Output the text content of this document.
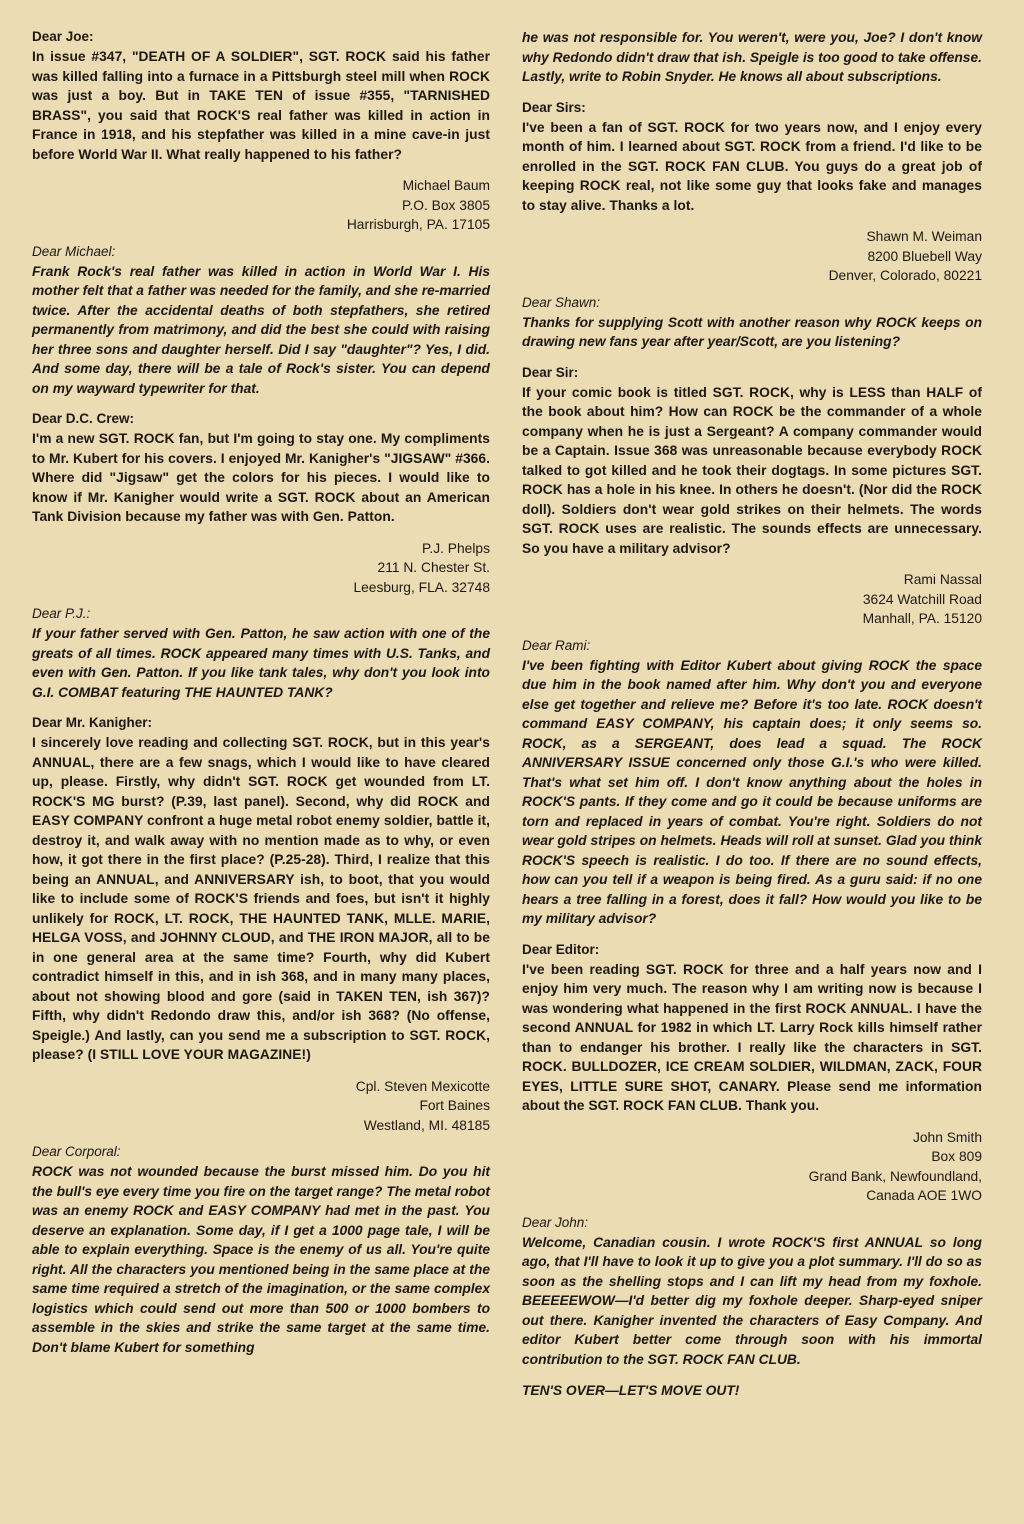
Dear Joe:

In issue #347, "DEATH OF A SOLDIER", SGT. ROCK said his father was killed falling into a furnace in a Pittsburgh steel mill when ROCK was just a boy. But in TAKE TEN of issue #355, "TARNISHED BRASS", you said that ROCK'S real father was killed in action in France in 1918, and his stepfather was killed in a mine cave-in just before World War II. What really happened to his father?

Michael Baum
P.O. Box 3805
Harrisburgh, PA. 17105
Dear Michael:

Frank Rock's real father was killed in action in World War I. His mother felt that a father was needed for the family, and she re-married twice. After the accidental deaths of both stepfathers, she retired permanently from matrimony, and did the best she could with raising her three sons and daughter herself. Did I say "daughter"? Yes, I did. And some day, there will be a tale of Rock's sister. You can depend on my wayward typewriter for that.

Dear D.C. Crew:

I'm a new SGT. ROCK fan, but I'm going to stay one. My compliments to Mr. Kubert for his covers. I enjoyed Mr. Kanigher's "JIGSAW" #366. Where did "Jigsaw" get the colors for his pieces. I would like to know if Mr. Kanigher would write a SGT. ROCK about an American Tank Division because my father was with Gen. Patton.

P.J. Phelps
211 N. Chester St.
Leesburg, FLA. 32748
Dear P.J.:

If your father served with Gen. Patton, he saw action with one of the greats of all times. ROCK appeared many times with U.S. Tanks, and even with Gen. Patton. If you like tank tales, why don't you look into G.I. COMBAT featuring THE HAUNTED TANK?

Dear Mr. Kanigher:

I sincerely love reading and collecting SGT. ROCK, but in this year's ANNUAL, there are a few snags, which I would like to have cleared up, please. Firstly, why didn't SGT. ROCK get wounded from LT. ROCK'S MG burst? (P.39, last panel). Second, why did ROCK and EASY COMPANY confront a huge metal robot enemy soldier, battle it, destroy it, and walk away with no mention made as to why, or even how, it got there in the first place? (P.25-28). Third, I realize that this being an ANNUAL, and ANNIVERSARY ish, to boot, that you would like to include some of ROCK'S friends and foes, but isn't it highly unlikely for ROCK, LT. ROCK, THE HAUNTED TANK, MLLE. MARIE, HELGA VOSS, and JOHNNY CLOUD, and THE IRON MAJOR, all to be in one general area at the same time? Fourth, why did Kubert contradict himself in this, and in ish 368, and in many many places, about not showing blood and gore (said in TAKEN TEN, ish 367)? Fifth, why didn't Redondo draw this, and/or ish 368? (No offense, Speigle.) And lastly, can you send me a subscription to SGT. ROCK, please? (I STILL LOVE YOUR MAGAZINE!)

Cpl. Steven Mexicotte
Fort Baines
Westland, MI. 48185
Dear Corporal:

ROCK was not wounded because the burst missed him. Do you hit the bull's eye every time you fire on the target range? The metal robot was an enemy ROCK and EASY COMPANY had met in the past. You deserve an explanation. Some day, if I get a 1000 page tale, I will be able to explain everything. Space is the enemy of us all. You're quite right. All the characters you mentioned being in the same place at the same time required a stretch of the imagination, or the same complex logistics which could send out more than 500 or 1000 bombers to assemble in the skies and strike the same target at the same time. Don't blame Kubert for something

he was not responsible for. You weren't, were you, Joe? I don't know why Redondo didn't draw that ish. Speigle is too good to take offense. Lastly, write to Robin Snyder. He knows all about subscriptions.

Dear Sirs:

I've been a fan of SGT. ROCK for two years now, and I enjoy every month of him. I learned about SGT. ROCK from a friend. I'd like to be enrolled in the SGT. ROCK FAN CLUB. You guys do a great job of keeping ROCK real, not like some guy that looks fake and manages to stay alive. Thanks a lot.

Shawn M. Weiman
8200 Bluebell Way
Denver, Colorado, 80221
Dear Shawn:

Thanks for supplying Scott with another reason why ROCK keeps on drawing new fans year after year/Scott, are you listening?

Dear Sir:

If your comic book is titled SGT. ROCK, why is LESS than HALF of the book about him? How can ROCK be the commander of a whole company when he is just a Sergeant? A company commander would be a Captain. Issue 368 was unreasonable because everybody ROCK talked to got killed and he took their dogtags. In some pictures SGT. ROCK has a hole in his knee. In others he doesn't. (Nor did the ROCK doll). Soldiers don't wear gold strikes on their helmets. The words SGT. ROCK uses are realistic. The sounds effects are unnecessary. So you have a military advisor?

Rami Nassal
3624 Watchill Road
Manhall, PA. 15120
Dear Rami:

I've been fighting with Editor Kubert about giving ROCK the space due him in the book named after him. Why don't you and everyone else get together and relieve me? Before it's too late. ROCK doesn't command EASY COMPANY, his captain does; it only seems so. ROCK, as a SERGEANT, does lead a squad. The ROCK ANNIVERSARY ISSUE concerned only those G.I.'s who were killed. That's what set him off. I don't know anything about the holes in ROCK'S pants. If they come and go it could be because uniforms are torn and replaced in years of combat. You're right. Soldiers do not wear gold stripes on helmets. Heads will roll at sunset. Glad you think ROCK'S speech is realistic. I do too. If there are no sound effects, how can you tell if a weapon is being fired. As a guru said: if no one hears a tree falling in a forest, does it fall? How would you like to be my military advisor?

Dear Editor:

I've been reading SGT. ROCK for three and a half years now and I enjoy him very much. The reason why I am writing now is because I was wondering what happened in the first ROCK ANNUAL. I have the second ANNUAL for 1982 in which LT. Larry Rock kills himself rather than to endanger his brother. I really like the characters in SGT. ROCK. BULLDOZER, ICE CREAM SOLDIER, WILDMAN, ZACK, FOUR EYES, LITTLE SURE SHOT, CANARY. Please send me information about the SGT. ROCK FAN CLUB. Thank you.

John Smith
Box 809
Grand Bank, Newfoundland,
Canada AOE 1WO
Dear John:

Welcome, Canadian cousin. I wrote ROCK'S first ANNUAL so long ago, that I'll have to look it up to give you a plot summary. I'll do so as soon as the shelling stops and I can lift my head from my foxhole. BEEEEEWOW—I'd better dig my foxhole deeper. Sharp-eyed sniper out there. Kanigher invented the characters of Easy Company. And editor Kubert better come through soon with his immortal contribution to the SGT. ROCK FAN CLUB.

TEN'S OVER—LET'S MOVE OUT!
